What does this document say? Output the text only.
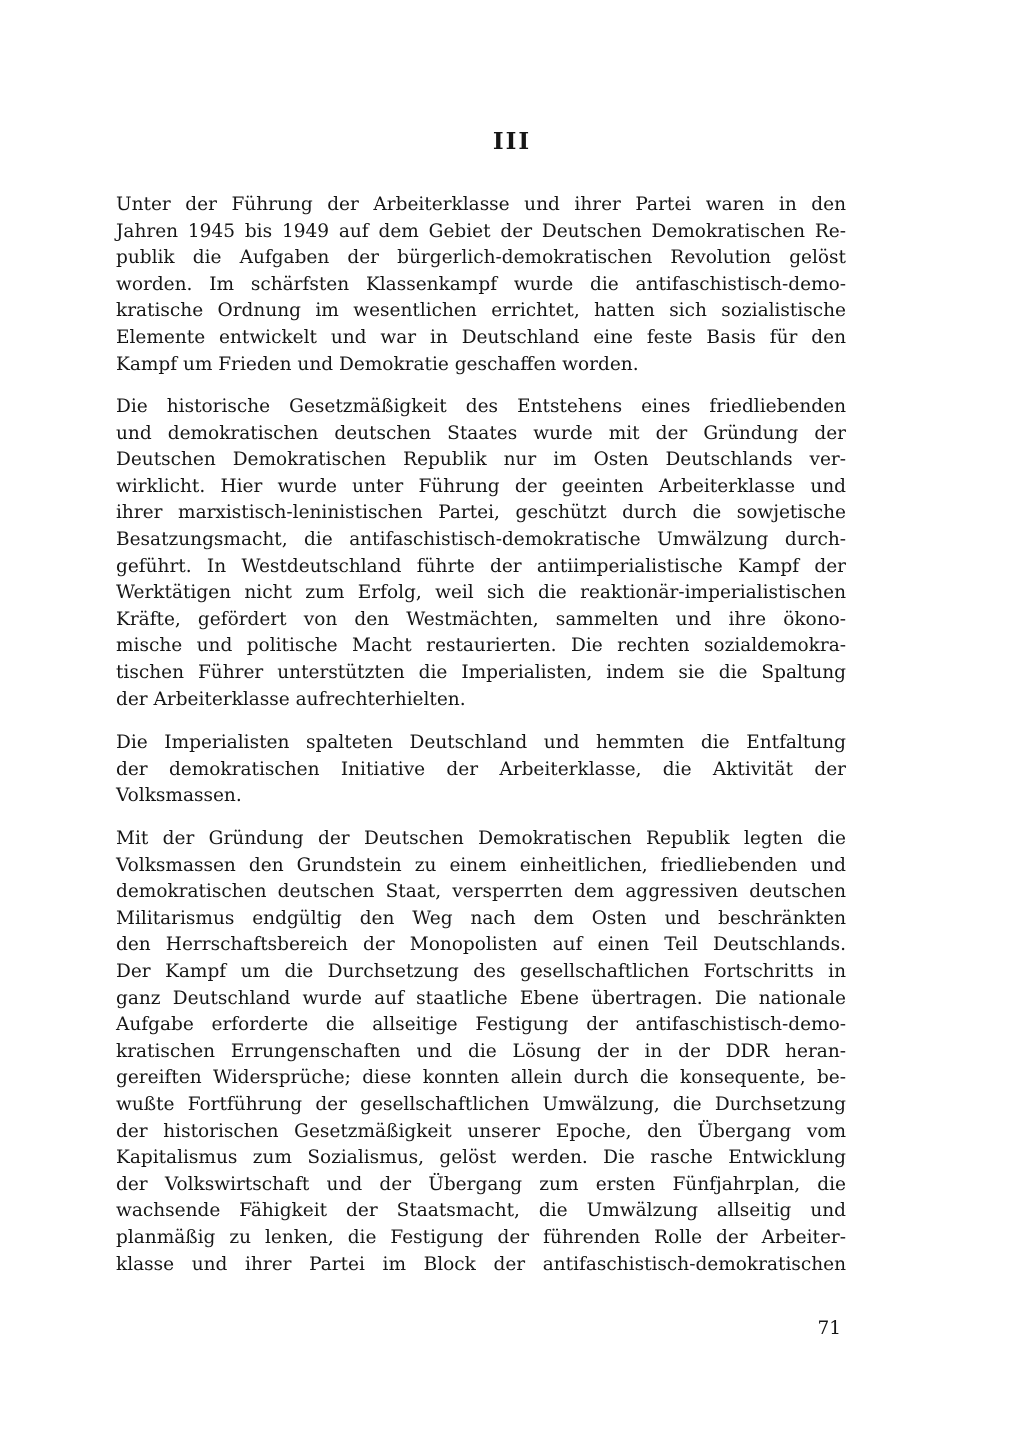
III
Unter der Führung der Arbeiterklasse und ihrer Partei waren in den
Jahren 1945 bis 1949 auf dem Gebiet der Deutschen Demokratischen Re-
publik die Aufgaben der bürgerlich-demokratischen Revolution gelöst
worden. Im schärfsten Klassenkampf wurde die antifaschistisch-demo-
kratische Ordnung im wesentlichen errichtet, hatten sich sozialistische
Elemente entwickelt und war in Deutschland eine feste Basis für den
Kampf um Frieden und Demokratie geschaffen worden.
Die historische Gesetzmäßigkeit des Entstehens eines friedliebenden
und demokratischen deutschen Staates wurde mit der Gründung der
Deutschen Demokratischen Republik nur im Osten Deutschlands ver-
wirklicht. Hier wurde unter Führung der geeinten Arbeiterklasse und
ihrer marxistisch-leninistischen Partei, geschützt durch die sowjetische
Besatzungsmacht, die antifaschistisch-demokratische Umwälzung durch-
geführt. In Westdeutschland führte der antiimperialistische Kampf der
Werktätigen nicht zum Erfolg, weil sich die reaktionär-imperialistischen
Kräfte, gefördert von den Westmächten, sammelten und ihre ökono-
mische und politische Macht restaurierten. Die rechten sozialdemokra-
tischen Führer unterstützten die Imperialisten, indem sie die Spaltung
der Arbeiterklasse aufrechterhielten.
Die Imperialisten spalteten Deutschland und hemmten die Entfaltung
der demokratischen Initiative der Arbeiterklasse, die Aktivität der
Volksmassen.
Mit der Gründung der Deutschen Demokratischen Republik legten die
Volksmassen den Grundstein zu einem einheitlichen, friedliebenden und
demokratischen deutschen Staat, versperrten dem aggressiven deutschen
Militarismus endgültig den Weg nach dem Osten und beschränkten
den Herrschaftsbereich der Monopolisten auf einen Teil Deutschlands.
Der Kampf um die Durchsetzung des gesellschaftlichen Fortschritts in
ganz Deutschland wurde auf staatliche Ebene übertragen. Die nationale
Aufgabe erforderte die allseitige Festigung der antifaschistisch-demo-
kratischen Errungenschaften und die Lösung der in der DDR heran-
gereiften Widersprüche; diese konnten allein durch die konsequente, be-
wußte Fortführung der gesellschaftlichen Umwälzung, die Durchsetzung
der historischen Gesetzmäßigkeit unserer Epoche, den Übergang vom
Kapitalismus zum Sozialismus, gelöst werden. Die rasche Entwicklung
der Volkswirtschaft und der Übergang zum ersten Fünfjahrplan, die
wachsende Fähigkeit der Staatsmacht, die Umwälzung allseitig und
planmäßig zu lenken, die Festigung der führenden Rolle der Arbeiter-
klasse und ihrer Partei im Block der antifaschistisch-demokratischen
71
